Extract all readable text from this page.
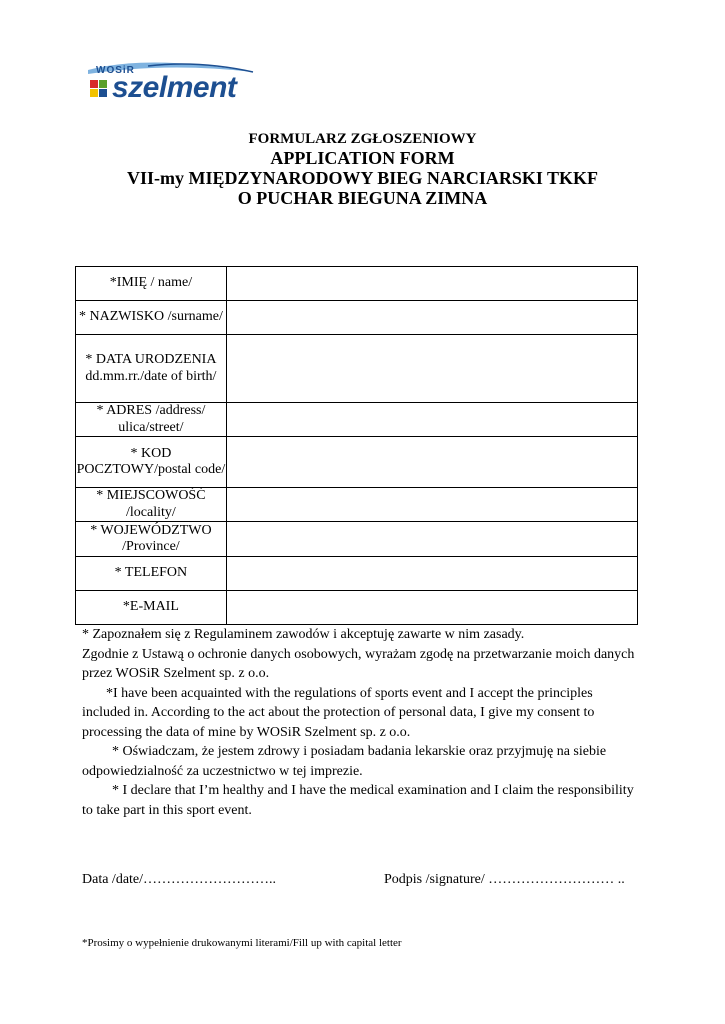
WOSiR
szelment
FORMULARZ ZGŁOSZENIOWY
APPLICATION FORM
VII-my MIĘDZYNARODOWY BIEG NARCIARSKI TKKF
O PUCHAR BIEGUNA ZIMNA
*IMIĘ / name/	
* NAZWISKO /surname/	
* DATA URODZENIA dd.mm.rr./date of birth/	
* ADRES /address/ ulica/street/	
* KOD POCZTOWY/postal code/	
* MIEJSCOWOŚĆ /locality/	
* WOJEWÓDZTWO /Province/	
* TELEFON	
*E-MAIL	

* Zapoznałem się z Regulaminem zawodów i akceptuję zawarte w nim zasady.

Zgodnie z Ustawą o ochronie danych osobowych, wyrażam zgodę na przetwarzanie moich danych przez WOSiR Szelment sp. z o.o.

*I have been acquainted with the regulations of sports event and I accept the principles included in. According to the act about the protection of personal data, I give my consent to processing the data of mine by WOSiR Szelment sp. z o.o.

* Oświadczam, że jestem zdrowy i posiadam badania lekarskie oraz przyjmuję na siebie odpowiedzialność za uczestnictwo w tej imprezie.

* I declare that I’m healthy and I have the medical examination and I claim the responsibility to take part in this sport event.

Data /date/………………………..	Podpis /signature/ ……………………… ..
*Prosimy o wypełnienie drukowanymi literami/Fill up with capital letter
